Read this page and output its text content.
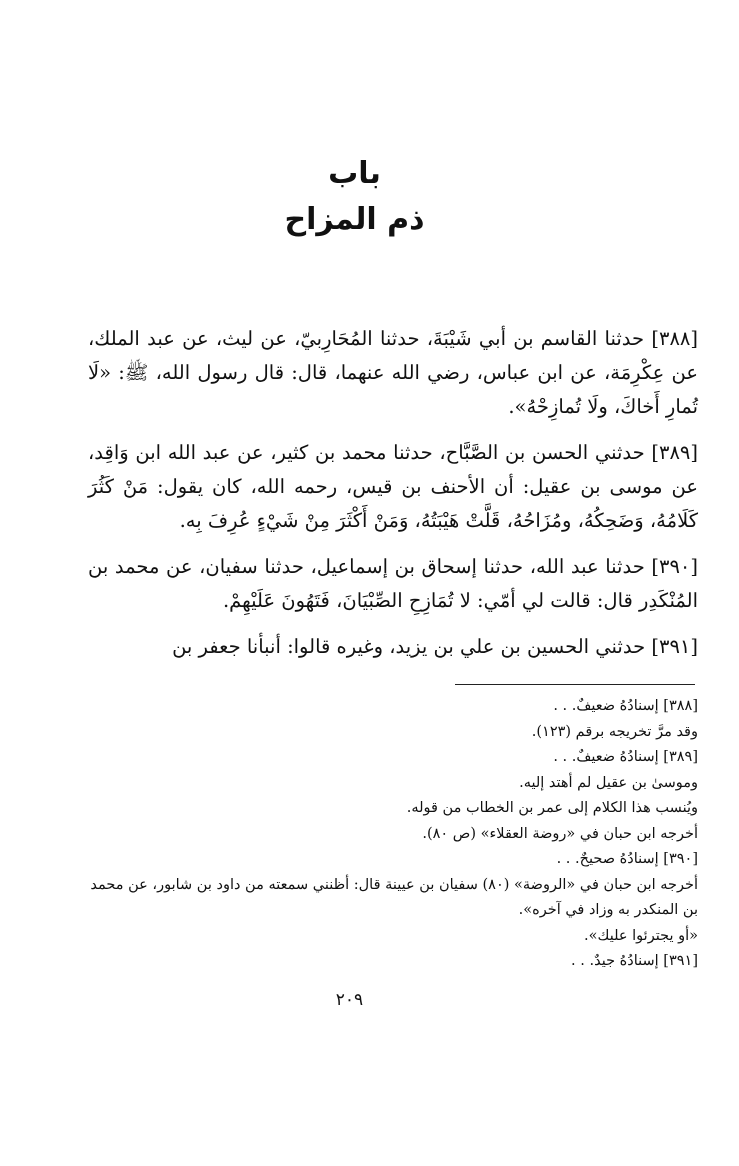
باب
ذم المزاح

[٣٨٨] حدثنا القاسم بن أبي شَيْبَةَ، حدثنا المُحَارِبيّ، عن ليث، عن عبد الملك، عن عِكْرِمَة، عن ابن عباس، رضي الله عنهما، قال: قال رسول الله، ﷺ: «لَا تُمارِ أَخاكَ، ولَا تُمازِحْهُ».

[٣٨٩] حدثني الحسن بن الصَّبَّاح، حدثنا محمد بن كثير، عن عبد الله ابن وَاقِد، عن موسى بن عقيل: أن الأحنف بن قيس، رحمه الله، كان يقول: مَنْ كَثُرَ كَلَامُهُ، وَضَحِكُهُ، ومُزَاحُهُ، قَلَّتْ هَيْبَتُهُ، وَمَنْ أَكْثَرَ مِنْ شَيْءٍ عُرِفَ بِه.

[٣٩٠] حدثنا عبد الله، حدثنا إسحاق بن إسماعيل، حدثنا سفيان، عن محمد بن المُنْكَدِر قال: قالت لي أمّي: لا تُمَازِحِ الصِّبْيَانَ، فَتَهُونَ عَلَيْهِمْ.

[٣٩١] حدثني الحسين بن علي بن يزيد، وغيره قالوا: أنبأنا جعفر بن

[٣٨٨] إسنادُهُ ضعيفٌ. . .
وقد مرَّ تخريجه برقم (١٢٣).
[٣٨٩] إسنادُهُ ضعيفٌ. . .
وموسىٰ بن عقيل لم أهتد إليه.
ويُنسب هذا الكلام إلى عمر بن الخطاب من قوله.
أخرجه ابن حبان في «روضة العقلاء» (ص ٨٠).
[٣٩٠] إسنادُهُ صحيحٌ. . .
أخرجه ابن حبان في «الروضة» (٨٠) سفيان بن عيينة قال: أظنني سمعته من داود بن شابور، عن محمد بن المنكدر به وزاد في آخره».
«أو يجترئوا عليك».
[٣٩١] إسنادُهُ جيدٌ. . .
٢٠٩
